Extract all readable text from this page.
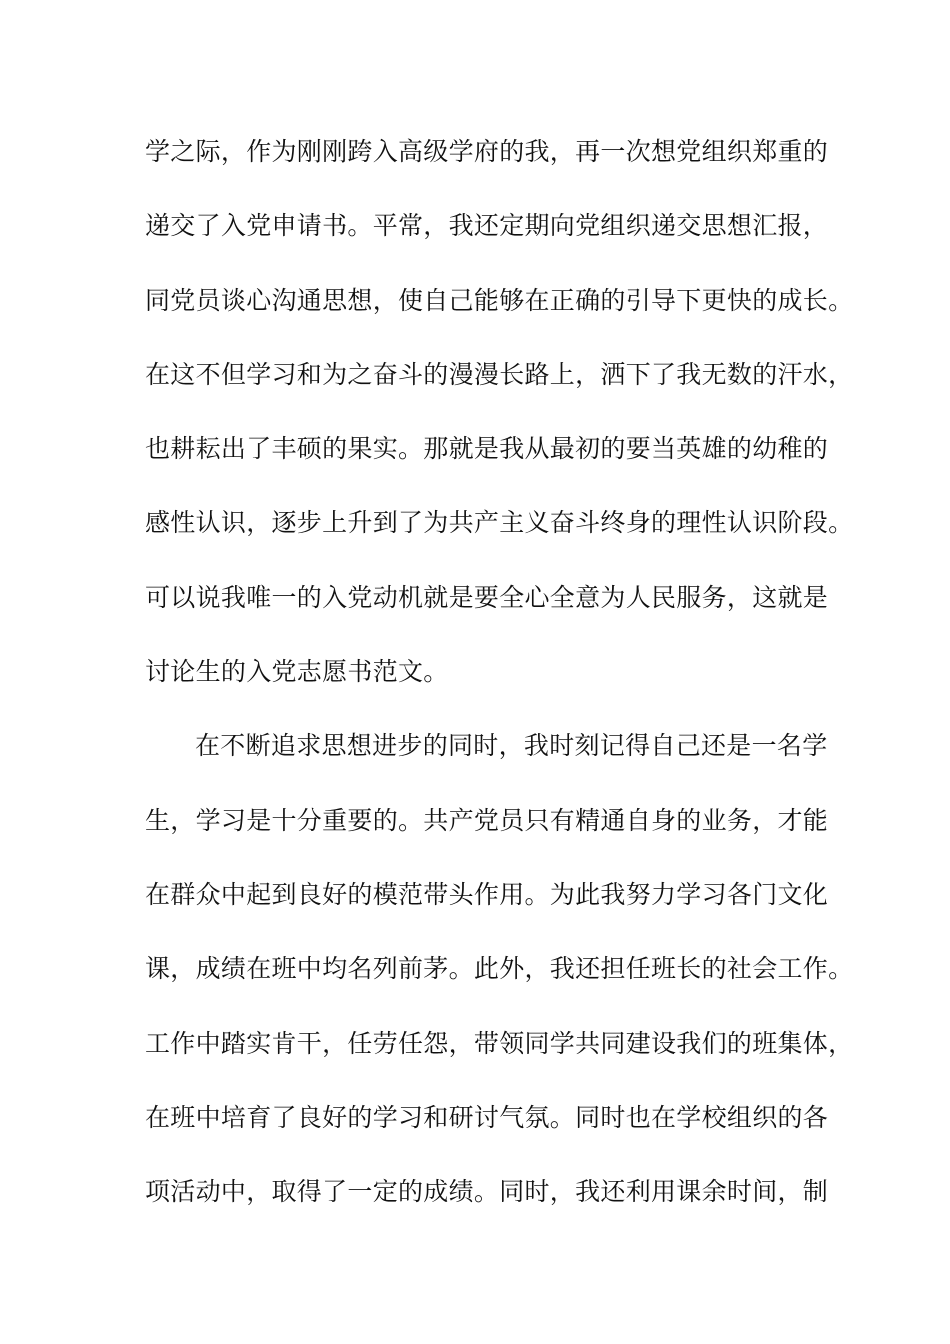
学之际，作为刚刚跨入高级学府的我，再一次想党组织郑重的
递交了入党申请书。平常，我还定期向党组织递交思想汇报，
同党员谈心沟通思想，使自己能够在正确的引导下更快的成长。
在这不但学习和为之奋斗的漫漫长路上，洒下了我无数的汗水，
也耕耘出了丰硕的果实。那就是我从最初的要当英雄的幼稚的
感性认识，逐步上升到了为共产主义奋斗终身的理性认识阶段。
可以说我唯一的入党动机就是要全心全意为人民服务，这就是
讨论生的入党志愿书范文。
在不断追求思想进步的同时，我时刻记得自己还是一名学
生，学习是十分重要的。共产党员只有精通自身的业务，才能
在群众中起到良好的模范带头作用。为此我努力学习各门文化
课，成绩在班中均名列前茅。此外，我还担任班长的社会工作。
工作中踏实肯干，任劳任怨，带领同学共同建设我们的班集体，
在班中培育了良好的学习和研讨气氛。同时也在学校组织的各
项活动中，取得了一定的成绩。同时，我还利用课余时间，制
